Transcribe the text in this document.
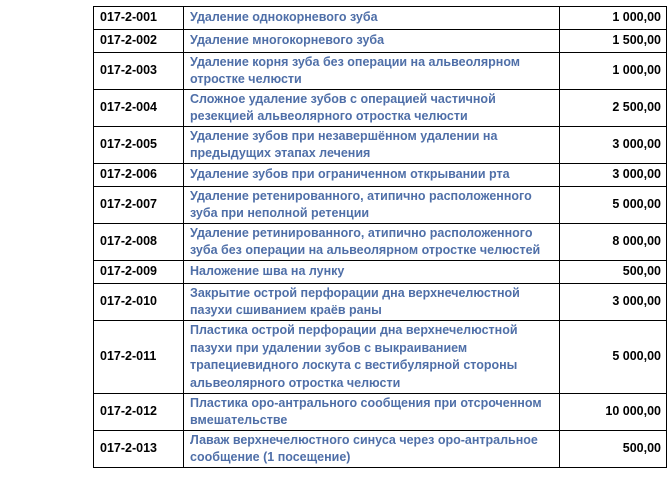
017-2-001	Удаление однокорневого зуба	1 000,00
017-2-002	Удаление многокорневого зуба	1 500,00
017-2-003	Удаление корня зуба без операции на альвеолярном отростке челюсти	1 000,00
017-2-004	Сложное удаление зубов с операцией частичной резекцией альвеолярного отростка челюсти	2 500,00
017-2-005	Удаление зубов при незавершённом удалении на предыдущих этапах лечения	3 000,00
017-2-006	Удаление зубов при ограниченном открывании рта	3 000,00
017-2-007	Удаление ретенированного, атипично расположенного зуба при неполной ретенции	5 000,00
017-2-008	Удаление ретинированного, атипично расположенного зуба без операции на альвеолярном отростке челюстей	8 000,00
017-2-009	Наложение шва на лунку	500,00
017-2-010	Закрытие острой перфорации дна верхнечелюстной пазухи сшиванием краёв раны	3 000,00
017-2-011	Пластика острой перфорации дна верхнечелюстной пазухи при удалении зубов с выкраиванием трапециевидного лоскута с вестибулярной стороны альвеолярного отростка челюсти	5 000,00
017-2-012	Пластика оро-антрального сообщения при отсроченном вмешательстве	10 000,00
017-2-013	Лаваж верхнечелюстного синуса через оро-антральное сообщение (1 посещение)	500,00
